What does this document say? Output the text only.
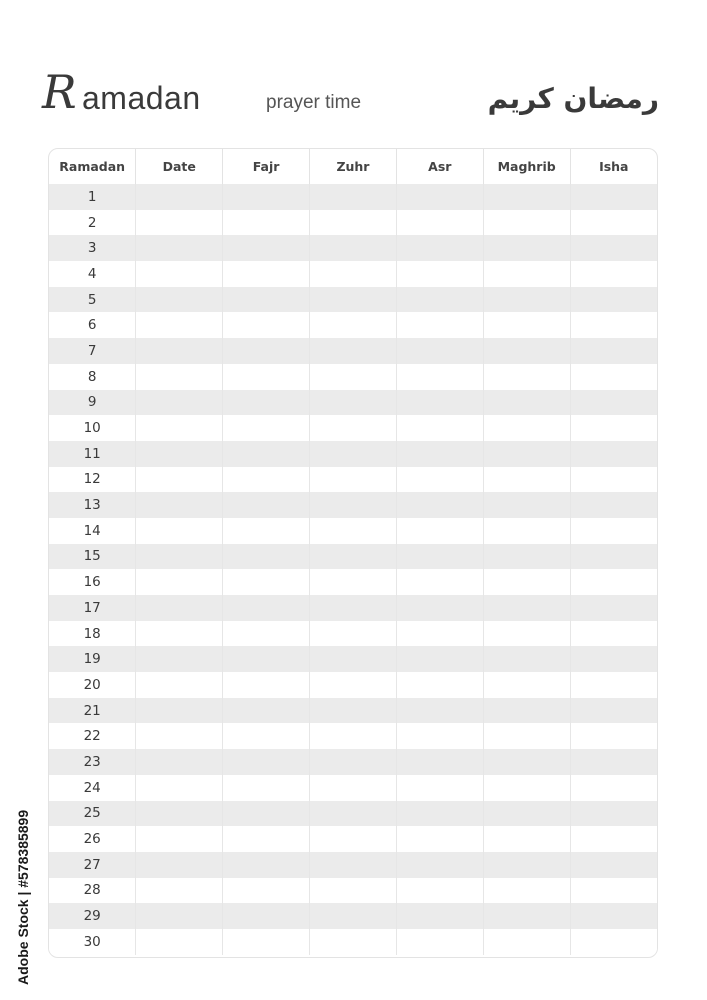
R amadan	prayer time	رمضان كريم
Ramadan	Date	Fajr	Zuhr	Asr	Maghrib	Isha
1						
2						
3						
4						
5						
6						
7						
8						
9						
10						
11						
12						
13						
14						
15						
16						
17						
18						
19						
20						
21						
22						
23						
24						
25						
26						
27						
28						
29						
30						
Adobe Stock | #578385899
